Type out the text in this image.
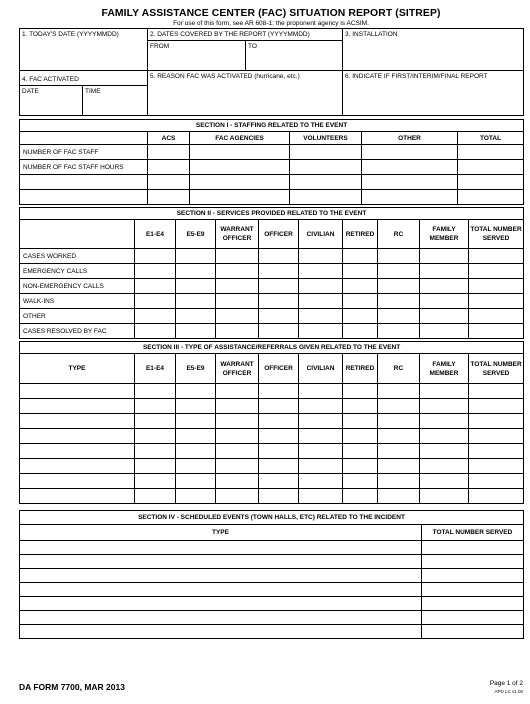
FAMILY ASSISTANCE CENTER (FAC) SITUATION REPORT (SITREP)
For use of this form, see AR 608-1; the proponent agency is ACSIM.
1. TODAY'S DATE (YYYYMMDD)	2. DATES COVERED BY THE REPORT (YYYYMMDD)		3. INSTALLATION
	FROM	TO	
4. FAC ACTIVATED	5. REASON FAC WAS ACTIVATED (hurricane, etc.)		6. INDICATE IF FIRST/INTERIM/FINAL REPORT

DATE TIME			
SECTION I - STAFFING RELATED TO THE EVENT					
	ACS	FAC AGENCIES	VOLUNTEERS	OTHER	TOTAL
NUMBER OF FAC STAFF					
NUMBER OF FAC STAFF HOURS					

SECTION II - SERVICES PROVIDED RELATED TO THE EVENT									
	E1-E4	E5-E9	WARRANT OFFICER	OFFICER	CIVILIAN	RETIRED	RC	FAMILY MEMBER	TOTAL NUMBER SERVED
CASES WORKED									
EMERGENCY CALLS									
NON-EMERGENCY CALLS									
WALK-INS									
OTHER									
CASES RESOLVED BY FAC									
SECTION III - TYPE OF ASSISTANCE/REFERRALS GIVEN RELATED TO THE EVENT									
TYPE	E1-E4	E5-E9	WARRANT OFFICER	OFFICER	CIVILIAN	RETIRED	RC	FAMILY MEMBER	TOTAL NUMBER SERVED

SECTION IV - SCHEDULED EVENTS (TOWN HALLS, ETC) RELATED TO THE INCIDENT	
TYPE	TOTAL NUMBER SERVED

DA FORM 7700, MAR 2013	Page 1 of 2
APD LC v1.00
